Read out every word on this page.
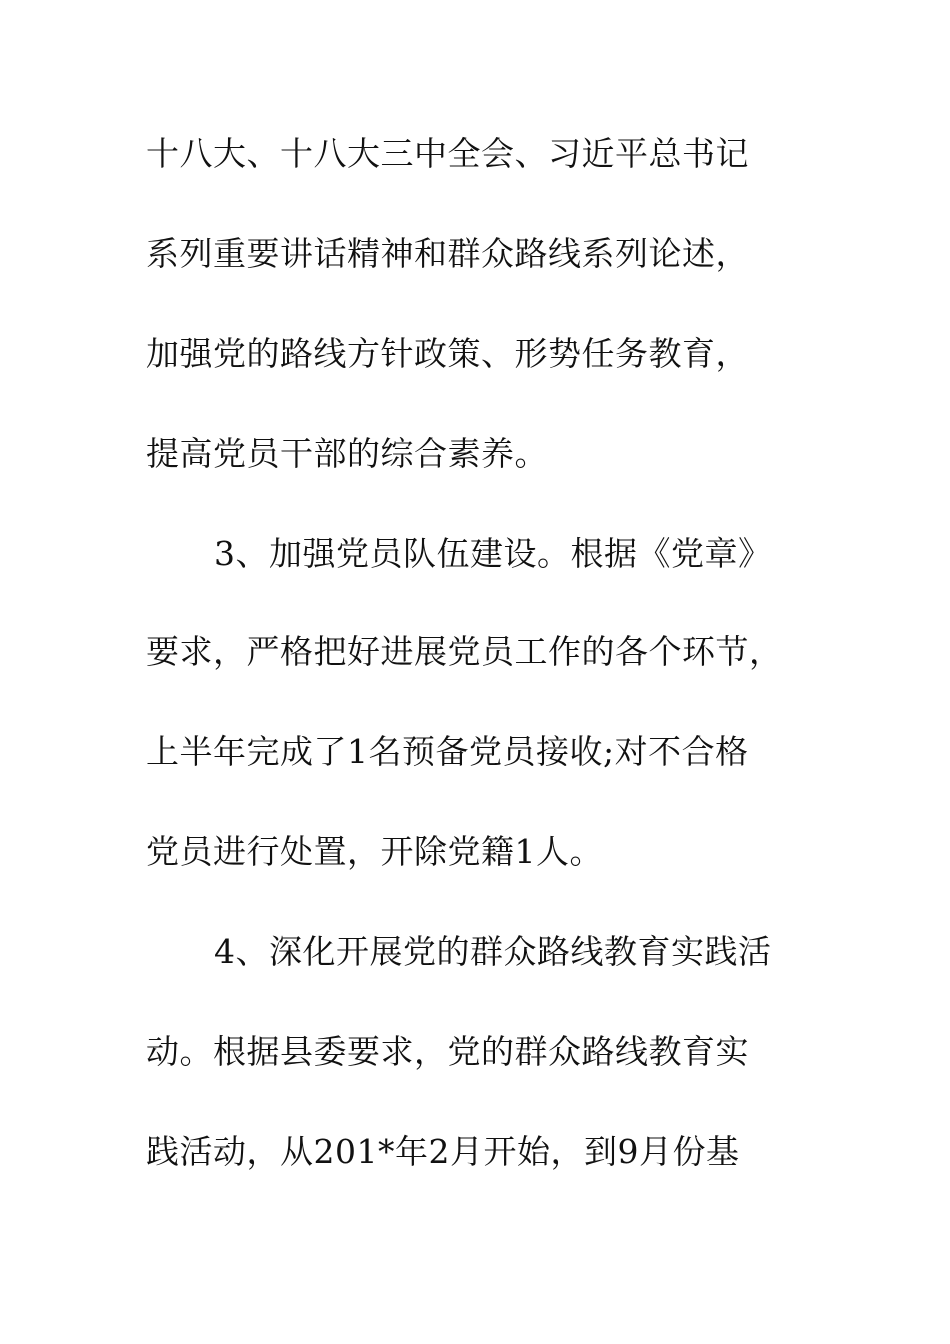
十八大、十八大三中全会、习近平总书记

系列重要讲话精神和群众路线系列论述，

加强党的路线方针政策、形势任务教育，

提高党员干部的综合素养。

3、加强党员队伍建设。根据《党章》

要求，严格把好进展党员工作的各个环节，

上半年完成了1名预备党员接收;对不合格

党员进行处置，开除党籍1人。

4、深化开展党的群众路线教育实践活

动。根据县委要求，党的群众路线教育实

践活动，从201*年2月开始，到9月份基
